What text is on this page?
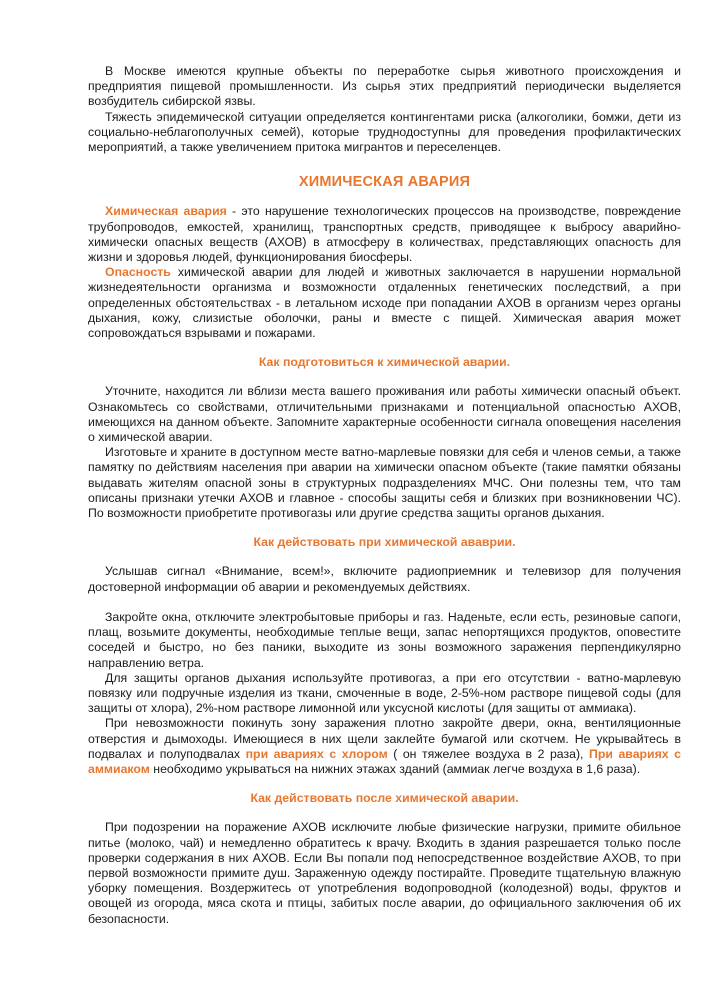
В Москве имеются крупные объекты по переработке сырья животного происхождения и предприятия пищевой промышленности. Из сырья этих предприятий периодически выделяется возбудитель сибирской язвы.

Тяжесть эпидемической ситуации определяется контингентами риска (алкоголики, бомжи, дети из социально-неблагополучных семей), которые труднодоступны для проведения профилактических мероприятий, а также увеличением притока мигрантов и переселенцев.

ХИМИЧЕСКАЯ АВАРИЯ

Химическая авария - это нарушение технологических процессов на производстве, повреждение трубопроводов, емкостей, хранилищ, транспортных средств, приводящее к выбросу аварийно-химически опасных веществ (АХОВ) в атмосферу в количествах, представляющих опасность для жизни и здоровья людей, функционирования биосферы.

Опасность химической аварии для людей и животных заключается в нарушении нормальной жизнедеятельности организма и возможности отдаленных генетических последствий, а при определенных обстоятельствах - в летальном исходе при попадании АХОВ в организм через органы дыхания, кожу, слизистые оболочки, раны и вместе с пищей. Химическая авария может сопровождаться взрывами и пожарами.

Как подготовиться к химической аварии.

Уточните, находится ли вблизи места вашего проживания или работы химически опасный объект. Ознакомьтесь со свойствами, отличительными признаками и потенциальной опасностью АХОВ, имеющихся на данном объекте. Запомните характерные особенности сигнала оповещения населения о химической аварии.

Изготовьте и храните в доступном месте ватно-марлевые повязки для себя и членов семьи, а также памятку по действиям населения при аварии на химически опасном объекте (такие памятки обязаны выдавать жителям опасной зоны в структурных подразделениях МЧС. Они полезны тем, что там описаны признаки утечки АХОВ и главное - способы защиты себя и близких при возникновении ЧС). По возможности приобретите противогазы или другие средства защиты органов дыхания.

Как действовать при химической ававрии.

Услышав сигнал «Внимание, всем!», включите радиоприемник и телевизор для получения достоверной информации об аварии и рекомендуемых действиях.

Закройте окна, отключите электробытовые приборы и газ. Наденьте, если есть, резиновые сапоги, плащ, возьмите документы, необходимые теплые вещи, запас непортящихся продуктов, оповестите соседей и быстро, но без паники, выходите из зоны возможного заражения перпендикулярно направлению ветра.

Для защиты органов дыхания используйте противогаз, а при его отсутствии - ватно-марлевую повязку или подручные изделия из ткани, смоченные в воде, 2-5%-ном растворе пищевой соды (для защиты от хлора), 2%-ном растворе лимонной или уксусной кислоты (для защиты от аммиака).

При невозможности покинуть зону заражения плотно закройте двери, окна, вентиляционные отверстия и дымоходы. Имеющиеся в них щели заклейте бумагой или скотчем. Не укрывайтесь в подвалах и полуподвалах при авариях с хлором ( он тяжелее воздуха в 2 раза), При авариях с аммиаком необходимо укрываться на нижних этажах зданий (аммиак легче воздуха в 1,6 раза).

Как действовать после химической аварии.

При подозрении на поражение АХОВ исключите любые физические нагрузки, примите обильное питье (молоко, чай) и немедленно обратитесь к врачу. Входить в здания разрешается только после проверки содержания в них АХОВ. Если Вы попали под непосредственное воздействие АХОВ, то при первой возможности примите душ. Зараженную одежду постирайте. Проведите тщательную влажную уборку помещения. Воздержитесь от употребления водопроводной (колодезной) воды, фруктов и овощей из огорода, мяса скота и птицы, забитых после аварии, до официального заключения об их безопасности.
